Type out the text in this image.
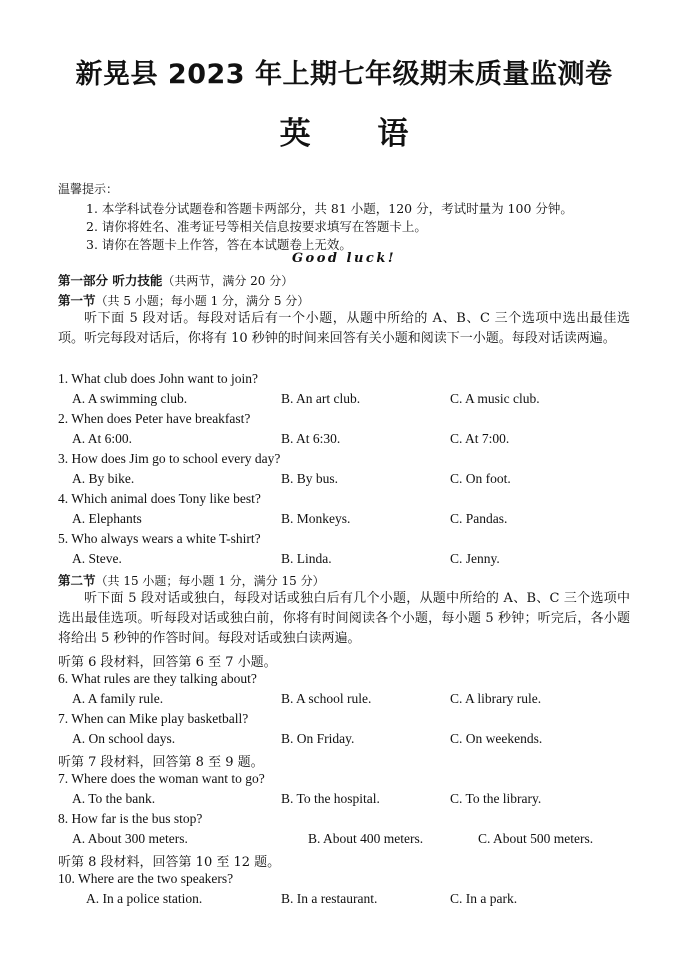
新晃县 2023 年上期七年级期末质量监测卷
英 语
温馨提示：
1. 本学科试卷分试题卷和答题卡两部分，共 81 小题，120 分，考试时量为 100 分钟。
2. 请你将姓名、准考证号等相关信息按要求填写在答题卡上。
3. 请你在答题卡上作答，答在本试题卷上无效。
Good luck!
第一部分 听力技能（共两节，满分 20 分）
第一节（共 5 小题；每小题 1 分，满分 5 分）
听下面 5 段对话。每段对话后有一个小题，从题中所给的 A、B、C 三个选项中选出最佳选项。听完每段对话后，你将有 10 秒钟的时间来回答有关小题和阅读下一小题。每段对话读两遍。
1. What club does John want to join?
A. A swimming club.	B. An art club.	C. A music club.
2. When does Peter have breakfast?
A. At 6:00.	B. At 6:30.	C. At 7:00.
3. How does Jim go to school every day?
A. By bike.	B. By bus.	C. On foot.
4. Which animal does Tony like best?
A. Elephants	B. Monkeys.	C. Pandas.
5. Who always wears a white T-shirt?
A. Steve.	B. Linda.	C. Jenny.
第二节（共 15 小题；每小题 1 分，满分 15 分）
听下面 5 段对话或独白，每段对话或独白后有几个小题，从题中所给的 A、B、C 三个选项中选出最佳选项。听每段对话或独白前，你将有时间阅读各个小题，每小题 5 秒钟；听完后，各小题将给出 5 秒钟的作答时间。每段对话或独白读两遍。
听第 6 段材料，回答第 6 至 7 小题。
6. What rules are they talking about?
A. A family rule.	B. A school rule.	C. A library rule.
7. When can Mike play basketball?
A. On school days.	B. On Friday.	C. On weekends.
听第 7 段材料，回答第 8 至 9 题。
7. Where does the woman want to go?
A. To the bank.	B. To the hospital.	C. To the library.
8. How far is the bus stop?
A. About 300 meters.	B. About 400 meters.	C. About 500 meters.
听第 8 段材料，回答第 10 至 12 题。
10. Where are the two speakers?
A. In a police station.	B. In a restaurant.	C. In a park.
